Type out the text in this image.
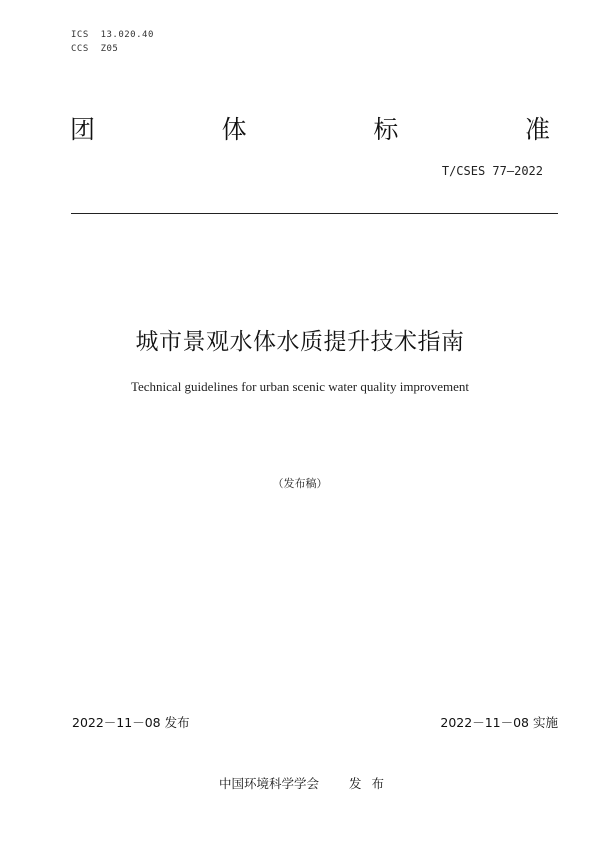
ICS  13.020.40
CCS  Z05
团	体	标	准
T/CSES 77—2022
城市景观水体水质提升技术指南
Technical guidelines for urban scenic water quality improvement
（发布稿）
2022－11－08 发布	2022－11－08 实施
中国环境科学学会 发布
